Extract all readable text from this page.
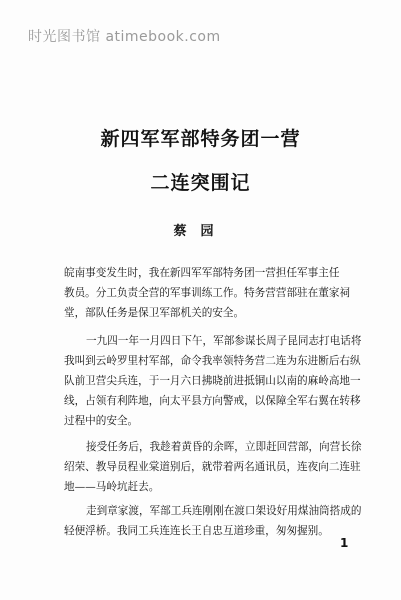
时光图书馆 atimebook.com
新四军军部特务团一营
二连突围记
蔡园
皖南事变发生时，我在新四军军部特务团一营担任军事主任
教员。分工负责全营的军事训练工作。特务营营部驻在董家祠
堂，部队任务是保卫军部机关的安全。
一九四一年一月四日下午，军部参谋长周子昆同志打电话将
我叫到云岭罗里村军部，命令我率领特务营二连为东进断后右纵
队前卫营尖兵连，于一月六日拂晓前进抵铜山以南的麻岭高地一
线，占领有利阵地，向太平县方向警戒，以保障全军右翼在转移
过程中的安全。
接受任务后，我趁着黄昏的余晖，立即赶回营部，向营长徐
绍荣、教导员程业棠道别后，就带着两名通讯员，连夜向二连驻
地——马岭坑赶去。
走到章家渡，军部工兵连刚刚在渡口架设好用煤油筒搭成的
轻便浮桥。我同工兵连连长王自忠互道珍重，匆匆握别。
1
